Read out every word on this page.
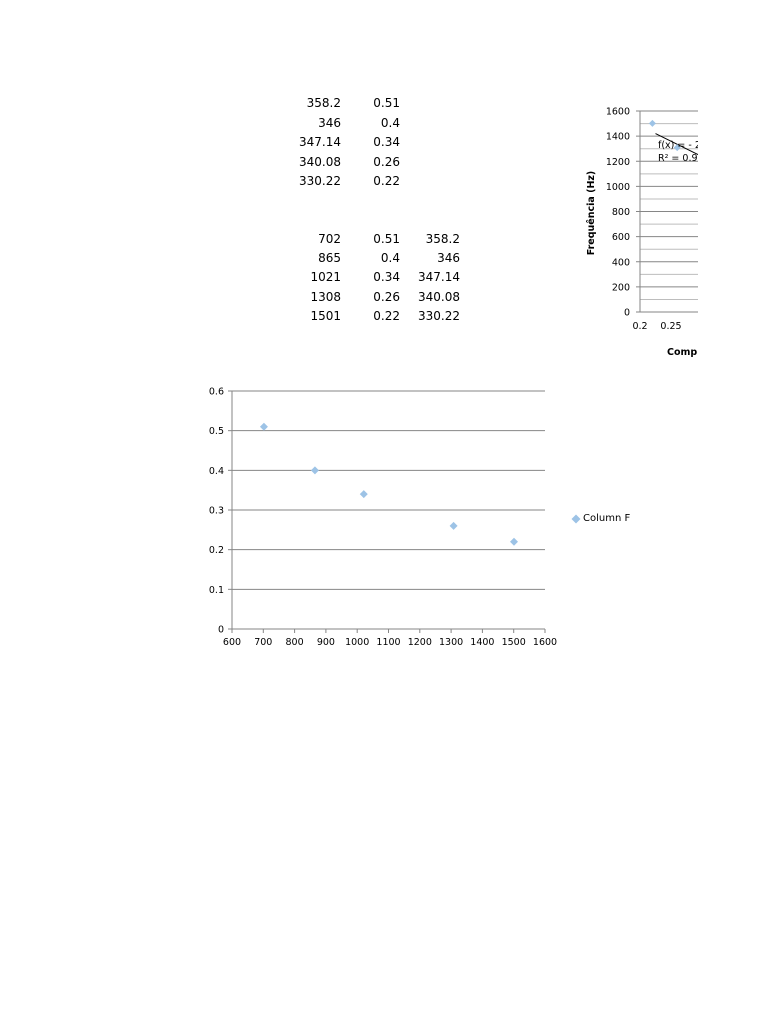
358.2	0.51
346	0.4
347.14	0.34
340.08	0.26
330.22	0.22
702	0.51 358.2
865	0.4	346
1021	0.34 347.14
1308	0.26 340.08
1501	0.22 330.22
0
0.1
0.2
0.3
0.4
0.5
0.6
600 700 800 900 1000 1100 1200 1300 1400 1500 1600
Column F
0
200
400
600
800
1000
1200
1400
1600
0.2 0.25 0.
Frequência (Hz)
Compr
f(x) = - 2
R² = 0.9
